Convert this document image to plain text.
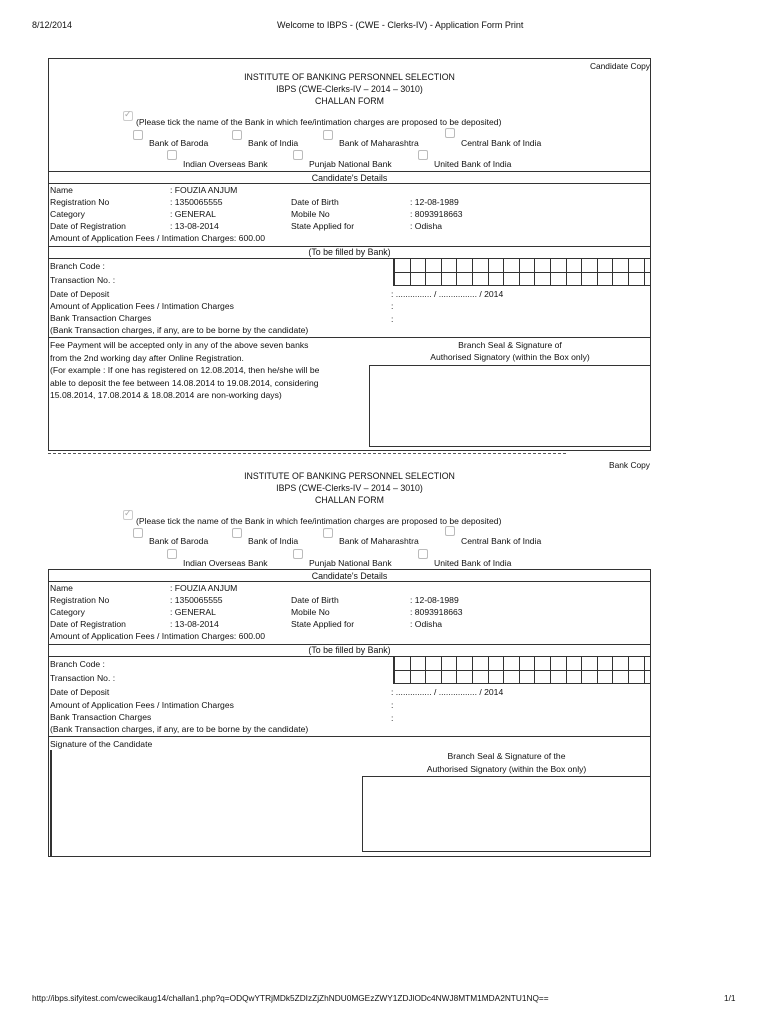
8/12/2014	Welcome to IBPS - (CWE - Clerks-IV) - Application Form Print
http://ibps.sifyitest.com/cwecikaug14/challan1.php?q=ODQwYTRjMDk5ZDIzZjZhNDU0MGEzZWY1ZDJlODc4NWJ8MTM1MDA2NTU1NQ==	1/1
Candidate Copy
INSTITUTE OF BANKING PERSONNEL SELECTION
IBPS (CWE-Clerks-IV – 2014 – 3010)
CHALLAN FORM
✓
(Please tick the name of the Bank in which fee/intimation charges are proposed to be deposited)
Bank of Baroda	Bank of India	Bank of Maharashtra	Central Bank of India
Indian Overseas Bank	Punjab National Bank	United Bank of India
Candidate's Details
Name	: FOUZIA ANJUM
Registration No	: 1350065555	Date of Birth	: 12-08-1989
Category	: GENERAL	Mobile No	: 8093918663
Date of Registration	: 13-08-2014	State Applied for	: Odisha
Amount of Application Fees / Intimation Charges: 600.00
(To be filled by Bank)
Branch Code :
Transaction No. :
Date of Deposit	: ............... / ................ / 2014
Amount of Application Fees / Intimation Charges	:
Bank Transaction Charges	:
(Bank Transaction charges, if any, are to be borne by the candidate)
Fee Payment will be accepted only in any of the above seven banks
from the 2nd working day after Online Registration.
(For example : If one has registered on 12.08.2014, then he/she will be
able to deposit the fee between 14.08.2014 to 19.08.2014, considering
15.08.2014, 17.08.2014 & 18.08.2014 are non-working days)
Branch Seal & Signature of
Authorised Signatory (within the Box only)
Bank Copy
INSTITUTE OF BANKING PERSONNEL SELECTION
IBPS (CWE-Clerks-IV – 2014 – 3010)
CHALLAN FORM
✓
(Please tick the name of the Bank in which fee/intimation charges are proposed to be deposited)
Bank of Baroda	Bank of India	Bank of Maharashtra	Central Bank of India
Indian Overseas Bank	Punjab National Bank	United Bank of India
Candidate's Details
Name	: FOUZIA ANJUM
Registration No	: 1350065555	Date of Birth	: 12-08-1989
Category	: GENERAL	Mobile No	: 8093918663
Date of Registration	: 13-08-2014	State Applied for	: Odisha
Amount of Application Fees / Intimation Charges: 600.00
(To be filled by Bank)
Branch Code :
Transaction No. :
Date of Deposit	: ............... / ................ / 2014
Amount of Application Fees / Intimation Charges	:
Bank Transaction Charges	:
(Bank Transaction charges, if any, are to be borne by the candidate)
Signature of the Candidate
Branch Seal & Signature of the
Authorised Signatory (within the Box only)
